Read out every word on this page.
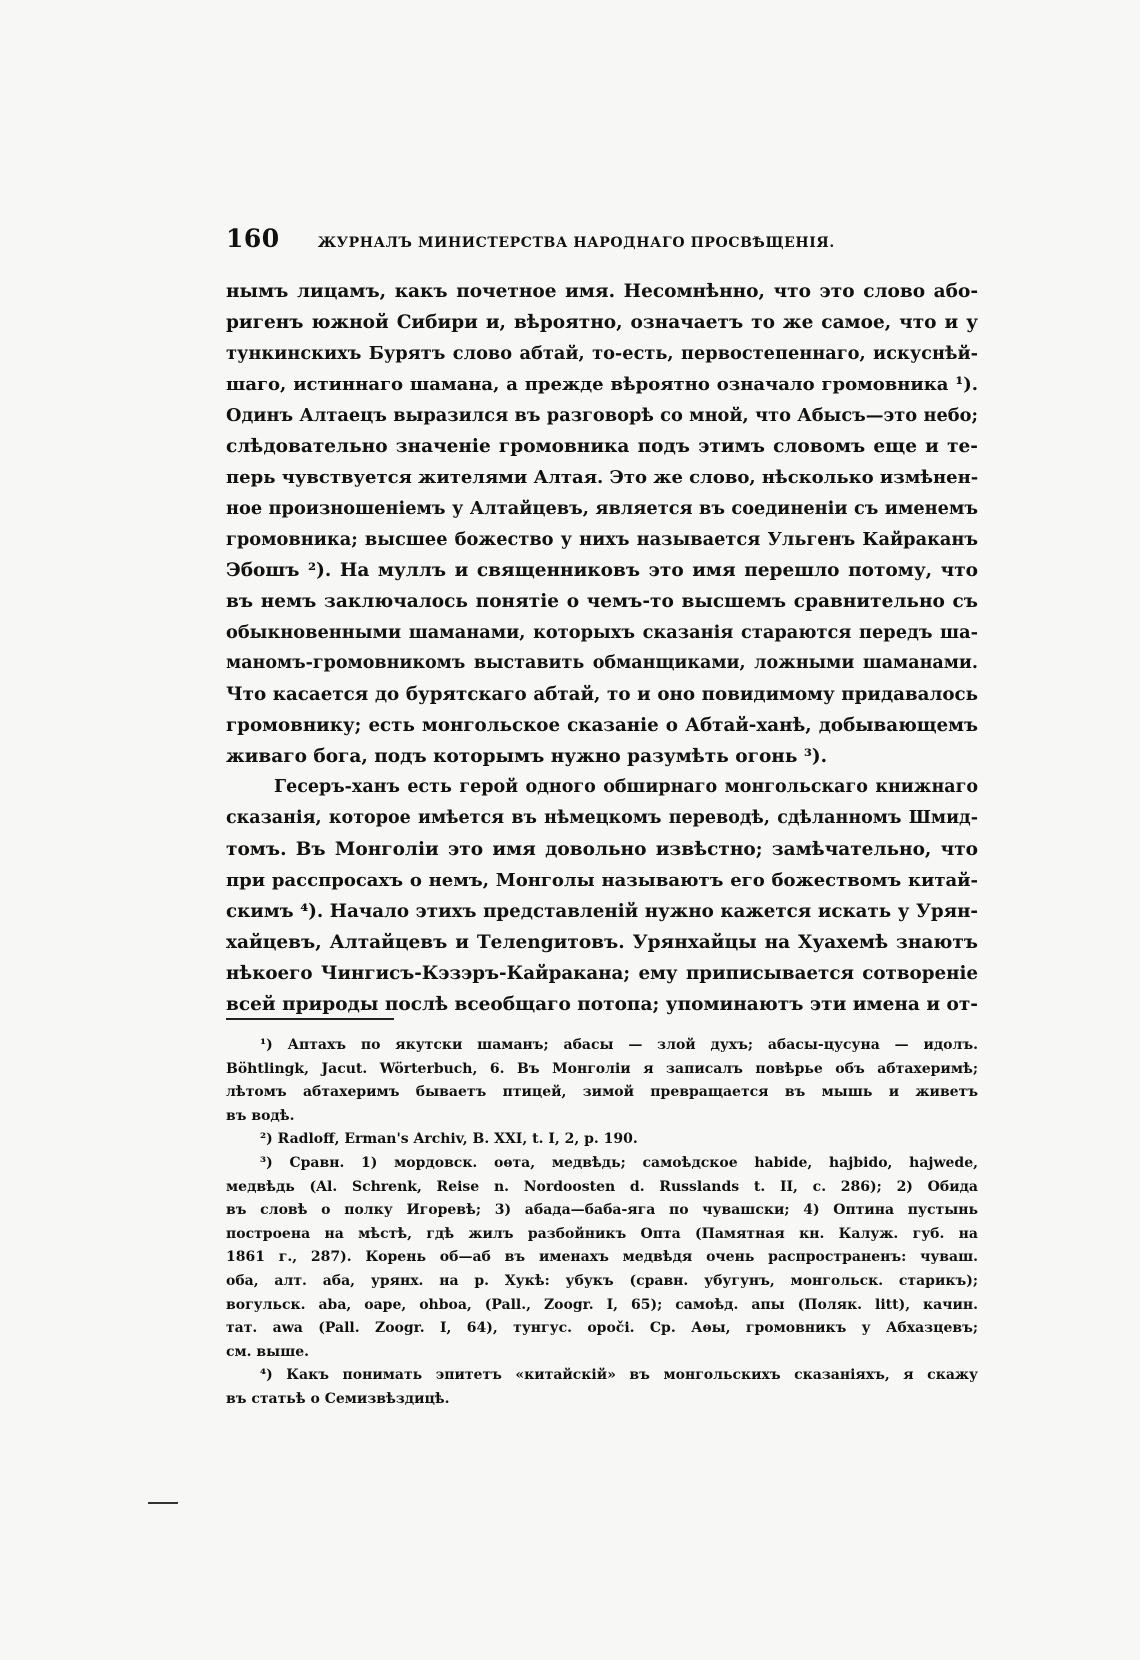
160	ЖУРНАЛЪ МИНИСТЕРСТВА НАРОДНАГО ПРОСВѢЩЕНІЯ.
нымъ лицамъ, какъ почетное имя. Несомнѣнно, что это слово або-
ригенъ южной Сибири и, вѣроятно, означаетъ то же самое, что и у
тункинскихъ Бурятъ слово абтай, то-есть, первостепеннаго, искуснѣй-
шаго, истиннаго шамана, а прежде вѣроятно означало громовника ¹).
Одинъ Алтаецъ выразился въ разговорѣ со мной, что Абысъ—это небо;
слѣдовательно значеніе громовника подъ этимъ словомъ еще и те-
перь чувствуется жителями Алтая. Это же слово, нѣсколько измѣнен-
ное произношеніемъ у Алтайцевъ, является въ соединеніи съ именемъ
громовника; высшее божество у нихъ называется Ульгенъ Кайраканъ
Эбошъ ²). На муллъ и священниковъ это имя перешло потому, что
въ немъ заключалось понятіе о чемъ-то высшемъ сравнительно съ
обыкновенными шаманами, которыхъ сказанія стараются передъ ша-
маномъ-громовникомъ выставить обманщиками, ложными шаманами.
Что касается до бурятскаго абтай, то и оно повидимому придавалось
громовнику; есть монгольское сказаніе о Абтай-ханѣ, добывающемъ
живаго бога, подъ которымъ нужно разумѣть огонь ³).
Гесеръ-ханъ есть герой одного обширнаго монгольскаго книжнаго
сказанія, которое имѣется въ нѣмецкомъ переводѣ, сдѣланномъ Шмид-
томъ. Въ Монголіи это имя довольно извѣстно; замѣчательно, что
при расспросахъ о немъ, Монголы называютъ его божествомъ китай-
скимъ ⁴). Начало этихъ представленій нужно кажется искать у Урян-
хайцевъ, Алтайцевъ и Телеngитовъ. Урянхайцы на Хуахемѣ знаютъ
нѣкоего Чингисъ-Кэзэръ-Кайракана; ему приписывается сотвореніе
всей природы послѣ всеобщаго потопа; упоминаютъ эти имена и от-
¹) Аптахъ по якутски шаманъ; абасы — злой духъ; абасы-цусуна — идолъ.
Böhtlingk, Jacut. Wörterbuch, 6. Въ Монголіи я записалъ повѣрье объ абтахеримѣ;
лѣтомъ абтахеримъ бываетъ птицей, зимой превращается въ мышь и живетъ
въ водѣ.
²) Radloff, Erman's Archiv, B. XXI, t. I, 2, p. 190.
³) Сравн. 1) мордовск. оѳта, медвѣдь; самоѣдское habide, hajbido, hajwede,
медвѣдь (Al. Schrenk, Reise n. Nordoosten d. Russlands t. II, c. 286); 2) Обида
въ словѣ о полку Игоревѣ; 3) абада—баба-яга по чувашски; 4) Оптина пустынь
построена на мѣстѣ, гдѣ жилъ разбойникъ Опта (Памятная кн. Калуж. губ. на
1861 г., 287). Корень об—аб въ именахъ медвѣдя очень распространенъ: чуваш.
оба, алт. аба, урянх. на р. Хукѣ: убукъ (сравн. убугунъ, монгольск. старикъ);
вогульск. aba, oape, ohboa, (Pall., Zoogr. I, 65); самоѣд. апы (Поляк. litt), качин.
тат. awa (Pall. Zoogr. I, 64), тунгус. opoči. Ср. Аѳы, громовникъ у Абхазцевъ;
см. выше.
⁴) Какъ понимать эпитетъ «китайскій» въ монгольскихъ сказаніяхъ, я скажу
въ статьѣ о Семизвѣздицѣ.
